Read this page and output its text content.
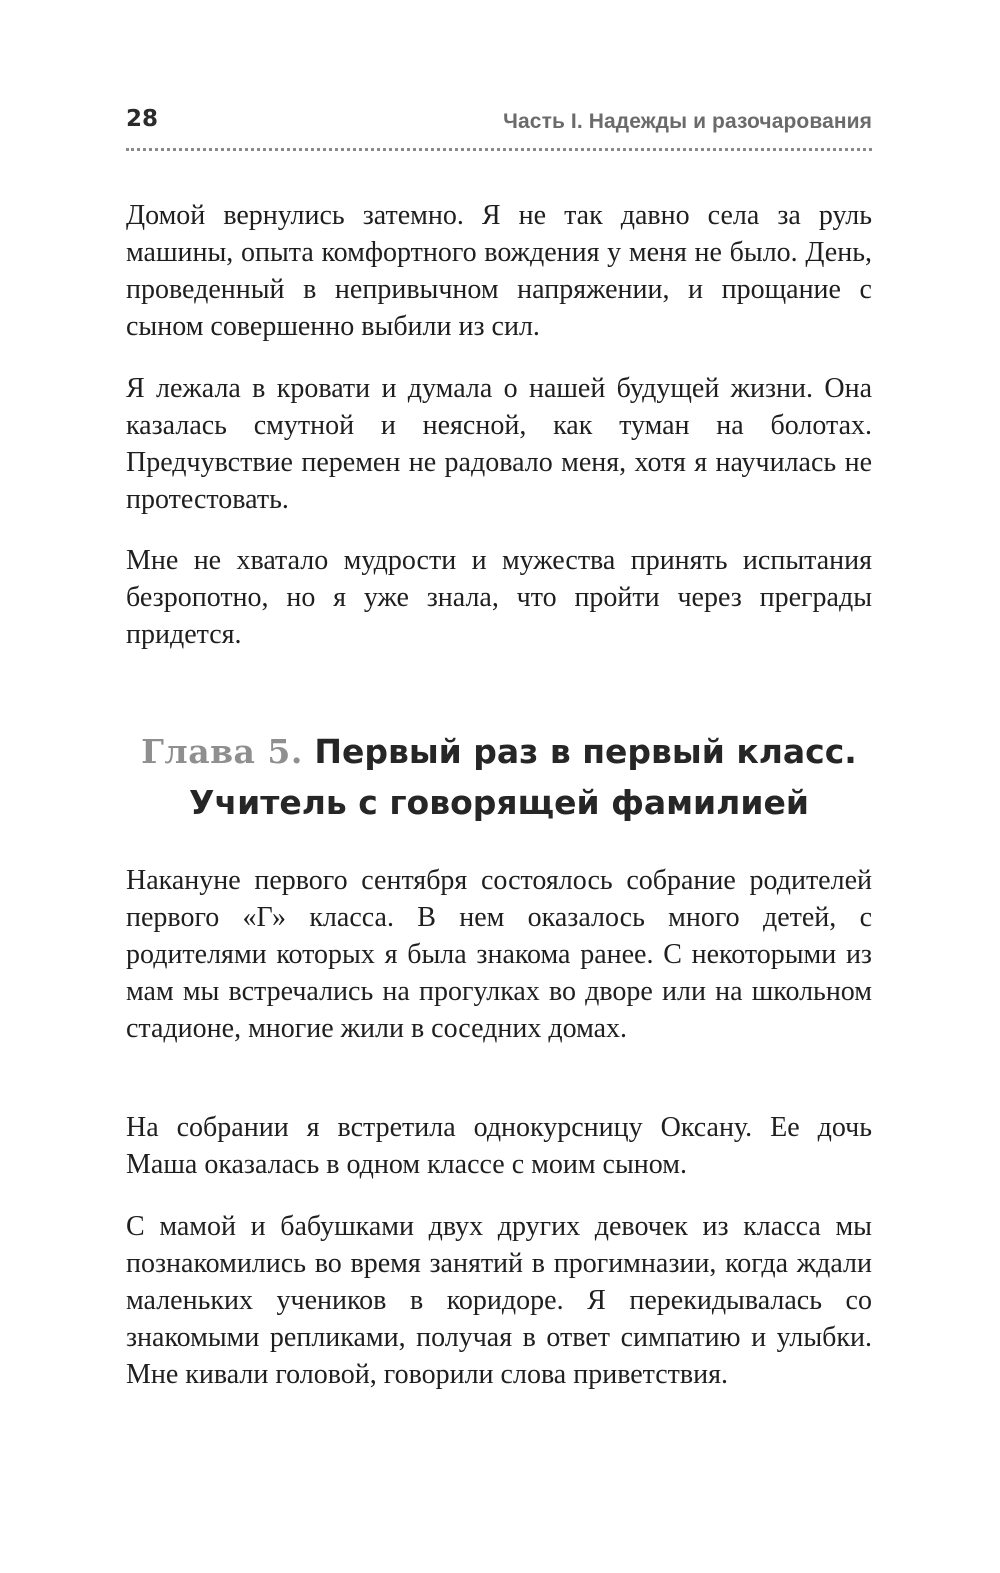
28	Часть I. Надежды и разочарования

Домой вернулись затемно. Я не так давно села за руль машины, опыта комфортного вождения у меня не было. День, проведенный в непривычном напряжении, и прощание с сыном совершенно выбили из сил.

Я лежала в кровати и думала о нашей будущей жизни. Она казалась смутной и неясной, как туман на болотах. Предчувствие перемен не радовало меня, хотя я научилась не протестовать.

Мне не хватало мудрости и мужества принять испытания безропотно, но я уже знала, что пройти через преграды придется.

Глава 5. Первый раз в первый класс.
Учитель с говорящей фамилией

Накануне первого сентября состоялось собрание родителей первого «Г» класса. В нем оказалось много детей, с родителями которых я была знакома ранее. С некоторыми из мам мы встречались на прогулках во дворе или на школьном стадионе, многие жили в соседних домах.

На собрании я встретила однокурсницу Оксану. Ее дочь Маша оказалась в одном классе с моим сыном.

С мамой и бабушками двух других девочек из класса мы познакомились во время занятий в прогимназии, когда ждали маленьких учеников в коридоре. Я перекидывалась со знакомыми репликами, получая в ответ симпатию и улыбки. Мне кивали головой, говорили слова приветствия.
